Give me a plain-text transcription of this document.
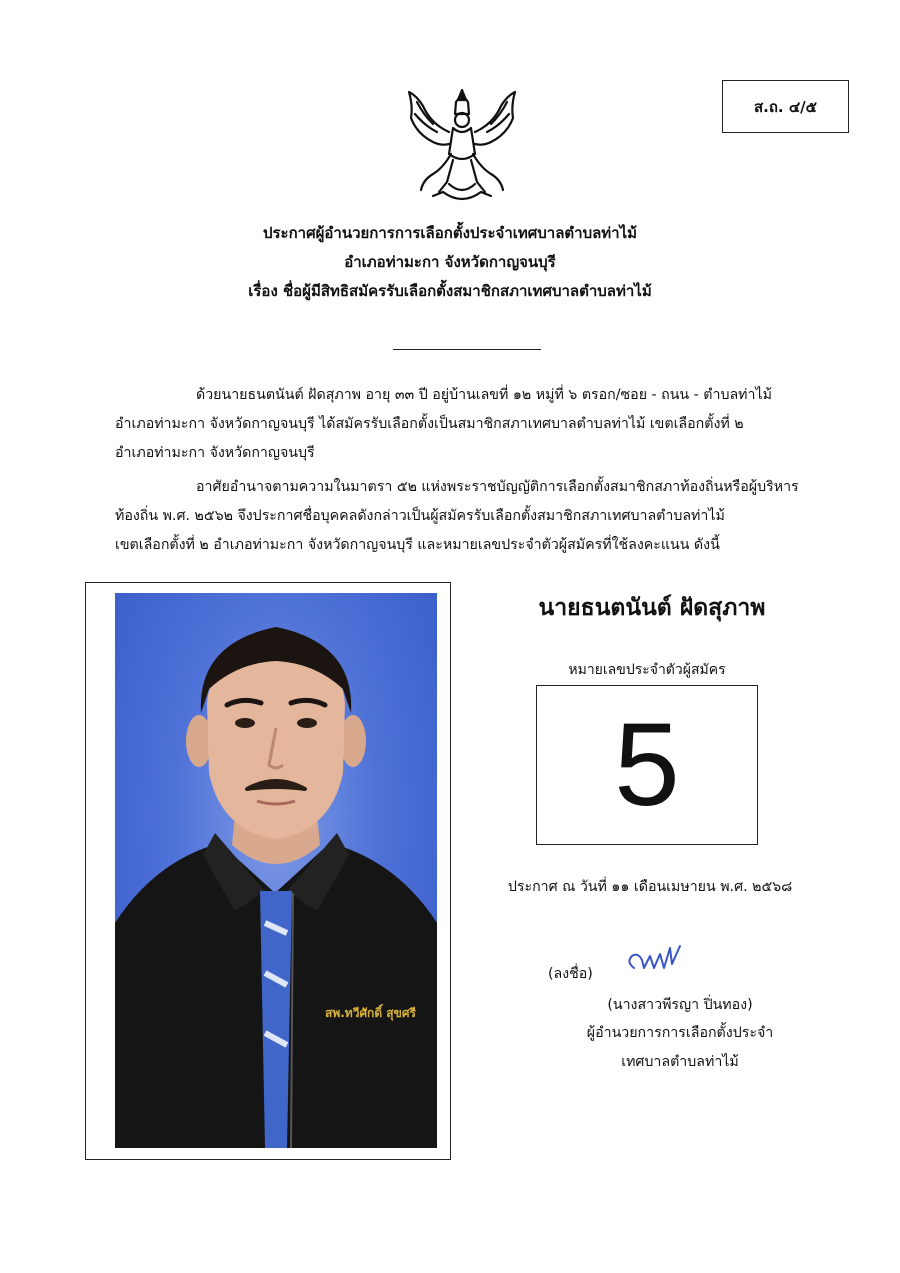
ส.ถ. ๔/๕
ประกาศผู้อำนวยการการเลือกตั้งประจำเทศบาลตำบลท่าไม้
อำเภอท่ามะกา จังหวัดกาญจนบุรี
เรื่อง ชื่อผู้มีสิทธิสมัครรับเลือกตั้งสมาชิกสภาเทศบาลตำบลท่าไม้
ด้วยนายธนตนันต์ ฝัดสุภาพ อายุ ๓๓ ปี อยู่บ้านเลขที่ ๑๒ หมู่ที่ ๖ ตรอก/ซอย - ถนน - ตำบลท่าไม้
อำเภอท่ามะกา จังหวัดกาญจนบุรี ได้สมัครรับเลือกตั้งเป็นสมาชิกสภาเทศบาลตำบลท่าไม้ เขตเลือกตั้งที่ ๒
อำเภอท่ามะกา จังหวัดกาญจนบุรี
อาศัยอำนาจตามความในมาตรา ๕๒ แห่งพระราชบัญญัติการเลือกตั้งสมาชิกสภาท้องถิ่นหรือผู้บริหาร
ท้องถิ่น พ.ศ. ๒๕๖๒ จึงประกาศชื่อบุคคลดังกล่าวเป็นผู้สมัครรับเลือกตั้งสมาชิกสภาเทศบาลตำบลท่าไม้
เขตเลือกตั้งที่ ๒ อำเภอท่ามะกา จังหวัดกาญจนบุรี และหมายเลขประจำตัวผู้สมัครที่ใช้ลงคะแนน ดังนี้
สพ.ทวีศักดิ์ สุขศรี
นายธนตนันต์ ฝัดสุภาพ
หมายเลขประจำตัวผู้สมัคร
5
ประกาศ ณ วันที่ ๑๑ เดือนเมษายน พ.ศ. ๒๕๖๘
(ลงชื่อ)
(นางสาวพีรญา ปิ่นทอง)
ผู้อำนวยการการเลือกตั้งประจำ
เทศบาลตำบลท่าไม้
